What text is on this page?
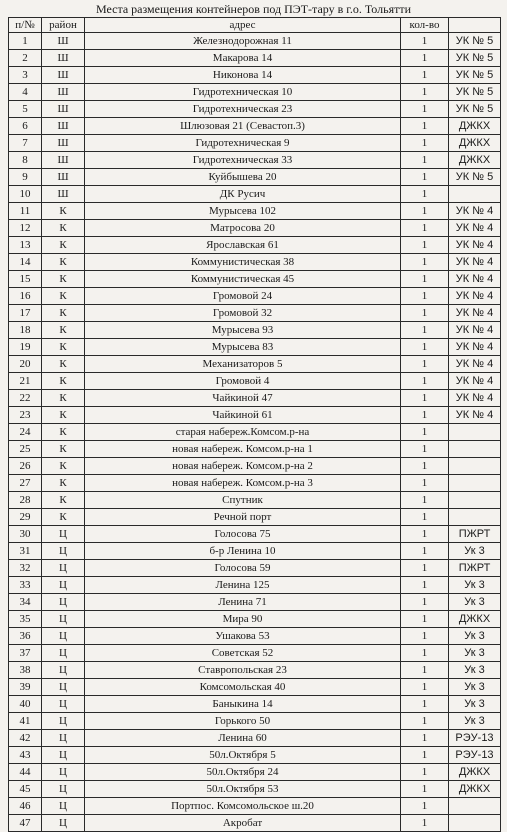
Места размещения контейнеров под ПЭТ-тару в г.о. Тольятти
п/№	район	адрес	кол-во	
1	Ш	Железнодорожная 11	1	УК № 5
2	Ш	Макарова 14	1	УК № 5
3	Ш	Никонова 14	1	УК № 5
4	Ш	Гидротехническая 10	1	УК № 5
5	Ш	Гидротехническая 23	1	УК № 5
6	Ш	Шлюзовая 21 (Севастоп.3)	1	ДЖКХ
7	Ш	Гидротехническая 9	1	ДЖКХ
8	Ш	Гидротехническая 33	1	ДЖКХ
9	Ш	Куйбышева 20	1	УК № 5
10	Ш	ДК Русич	1	
11	К	Мурысева 102	1	УК № 4
12	К	Матросова 20	1	УК № 4
13	К	Ярославская 61	1	УК № 4
14	К	Коммунистическая 38	1	УК № 4
15	К	Коммунистическая 45	1	УК № 4
16	К	Громовой 24	1	УК № 4
17	К	Громовой 32	1	УК № 4
18	К	Мурысева 93	1	УК № 4
19	К	Мурысева 83	1	УК № 4
20	К	Механизаторов 5	1	УК № 4
21	К	Громовой 4	1	УК № 4
22	К	Чайкиной 47	1	УК № 4
23	К	Чайкиной 61	1	УК № 4
24	К	старая набереж.Комсом.р-на	1	
25	К	новая набереж. Комсом.р-на 1	1	
26	К	новая набереж. Комсом.р-на 2	1	
27	К	новая набереж. Комсом.р-на 3	1	
28	К	Спутник	1	
29	К	Речной порт	1	
30	Ц	Голосова 75	1	ПЖРТ
31	Ц	б-р Ленина 10	1	Ук 3
32	Ц	Голосова 59	1	ПЖРТ
33	Ц	Ленина 125	1	Ук 3
34	Ц	Ленина 71	1	Ук 3
35	Ц	Мира 90	1	ДЖКХ
36	Ц	Ушакова 53	1	Ук 3
37	Ц	Советская 52	1	Ук 3
38	Ц	Ставропольская 23	1	Ук 3
39	Ц	Комсомольская 40	1	Ук 3
40	Ц	Баныкина 14	1	Ук 3
41	Ц	Горького 50	1	Ук 3
42	Ц	Ленина 60	1	РЭУ-13
43	Ц	50л.Октября 5	1	РЭУ-13
44	Ц	50л.Октября 24	1	ДЖКХ
45	Ц	50л.Октября 53	1	ДЖКХ
46	Ц	Портпос. Комсомольское ш.20	1	
47	Ц	Акробат	1	
